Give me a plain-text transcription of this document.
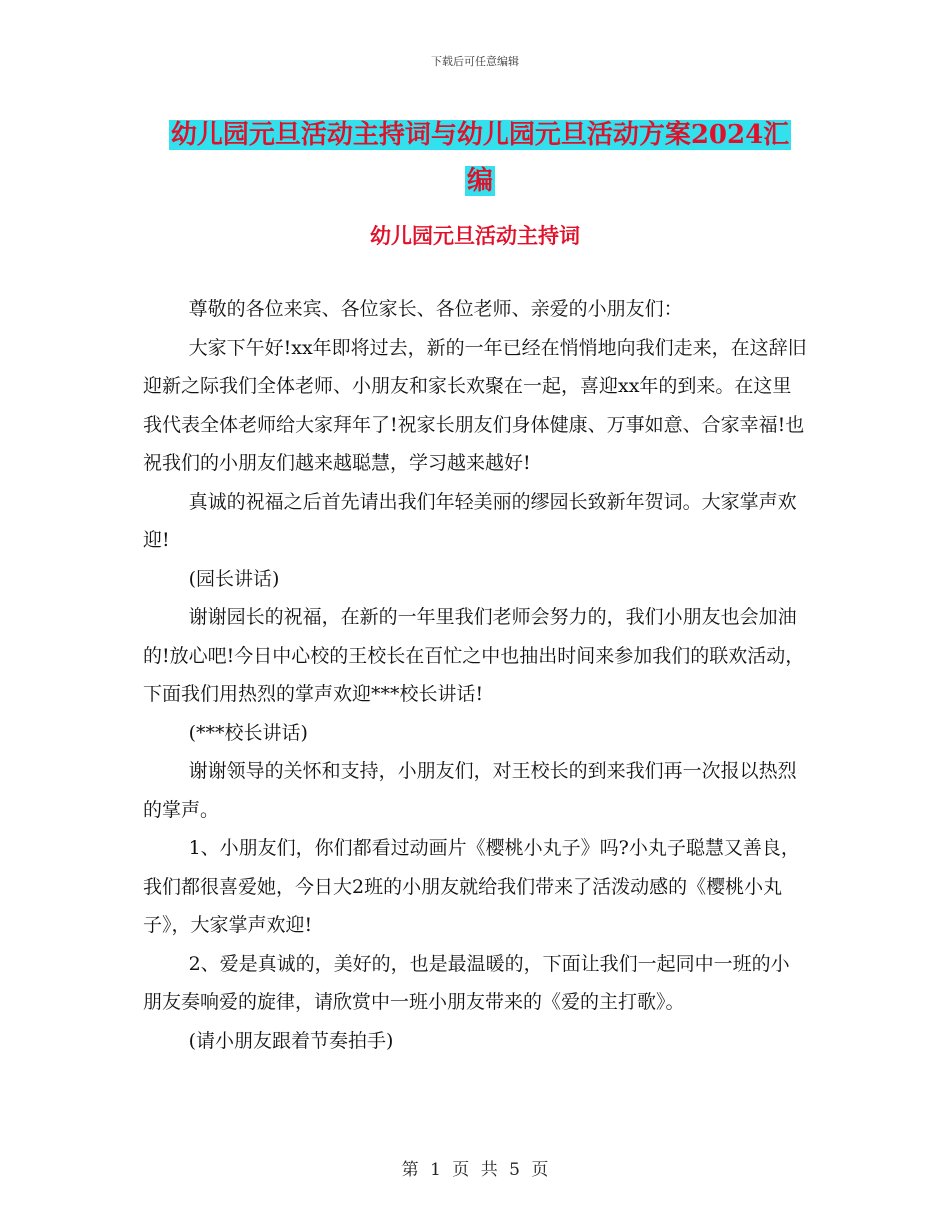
下载后可任意编辑
幼儿园元旦活动主持词与幼儿园元旦活动方案2024汇
编
幼儿园元旦活动主持词

尊敬的各位来宾、各位家长、各位老师、亲爱的小朋友们：

大家下午好!xx年即将过去，新的一年已经在悄悄地向我们走来，在这辞旧迎新之际我们全体老师、小朋友和家长欢聚在一起，喜迎xx年的到来。在这里我代表全体老师给大家拜年了!祝家长朋友们身体健康、万事如意、合家幸福!也祝我们的小朋友们越来越聪慧，学习越来越好!

真诚的祝福之后首先请出我们年轻美丽的缪园长致新年贺词。大家掌声欢迎!

(园长讲话)

谢谢园长的祝福，在新的一年里我们老师会努力的，我们小朋友也会加油的!放心吧!今日中心校的王校长在百忙之中也抽出时间来参加我们的联欢活动，下面我们用热烈的掌声欢迎***校长讲话!

(***校长讲话)

谢谢领导的关怀和支持，小朋友们，对王校长的到来我们再一次报以热烈的掌声。

1、小朋友们，你们都看过动画片《樱桃小丸子》吗?小丸子聪慧又善良，我们都很喜爱她，今日大2班的小朋友就给我们带来了活泼动感的《樱桃小丸子》，大家掌声欢迎!

2、爱是真诚的，美好的，也是最温暖的，下面让我们一起同中一班的小朋友奏响爱的旋律，请欣赏中一班小朋友带来的《爱的主打歌》。

(请小朋友跟着节奏拍手)

第 1 页 共 5 页
